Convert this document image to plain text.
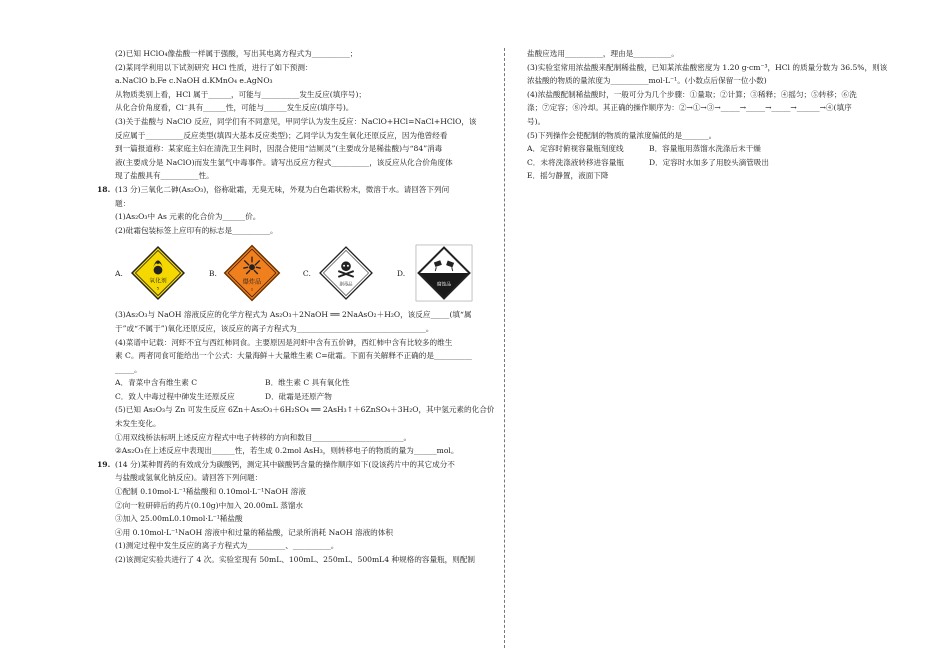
(2)已知 HClO₄像盐酸一样属于强酸，写出其电离方程式为__________；
(2)某同学利用以下试剂研究 HCl 性质，进行了如下预测：
a.NaClO b.Fe c.NaOH d.KMnO₄ e.AgNO₃
从物质类别上看，HCl 属于______，可能与__________发生反应(填序号)；
从化合价角度看，Cl⁻具有______性，可能与______发生反应(填序号)。
(3)关于盐酸与 NaClO 反应，同学们有不同意见，甲同学认为发生反应：NaClO+HCl=NaCl+HClO，该
反应属于__________反应类型(填四大基本反应类型)；乙同学认为发生氧化还原反应，因为他曾经看
到一篇报道称：某家庭主妇在清洗卫生间时，因混合使用“洁厕灵”(主要成分是稀盐酸)与“84”消毒
液(主要成分是 NaClO)而发生氯气中毒事件。请写出反应方程式__________，该反应从化合价角度体
现了盐酸具有__________性。
18. (13 分)三氧化二砷(As₂O₃)，俗称砒霜，无臭无味，外观为白色霜状粉末，微溶于水。请回答下列问
题：
(1)As₂O₃中 As 元素的化合价为______价。
(2)砒霜包装标签上应印有的标志是__________。
A.
氧化剂
5
B.
爆炸品
1
C.
剧毒品
D.
腐蚀品
(3)As₂O₃与 NaOH 溶液反应的化学方程式为 As₂O₃＋2NaOH ══ 2NaAsO₂＋H₂O，该反应_____(填“属
于”或“不属于”)氧化还原反应，该反应的离子方程式为__________________________________。
(4)菜谱中记载：河虾不宜与西红柿同食。主要原因是河虾中含有五价砷，西红柿中含有比较多的维生
素 C。两者同食可能给出一个公式：大量海鲜＋大量维生素 C=砒霜。下面有关解释不正确的是__________
_____。
A．青菜中含有维生素 C	B．维生素 C 具有氧化性
C．致人中毒过程中砷发生还原反应	D．砒霜是还原产物
(5)已知 As₂O₃与 Zn 可发生反应 6Zn＋As₂O₃＋6H₂SO₄ ══ 2AsH₃↑＋6ZnSO₄＋3H₂O，其中氢元素的化合价
未发生变化。
①用双线桥法标明上述反应方程式中电子转移的方向和数目________________________。
②As₂O₃在上述反应中表现出______性，若生成 0.2mol AsH₃，则转移电子的物质的量为______mol。
19. (14 分)某种胃药的有效成分为碳酸钙，测定其中碳酸钙含量的操作顺序如下(设该药片中的其它成分不
与盐酸或氢氧化钠反应)。请回答下列问题：
①配制 0.10mol·L⁻¹稀盐酸和 0.10mol·L⁻¹NaOH 溶液
②向一粒研碎后的药片(0.10g)中加入 20.00mL 蒸馏水
③加入 25.00mL0.10mol·L⁻¹稀盐酸
④用 0.10mol·L⁻¹NaOH 溶液中和过量的稀盐酸，记录所消耗 NaOH 溶液的体积
(1)测定过程中发生反应的离子方程式为__________、__________。
(2)该测定实验共进行了 4 次。实验室现有 50mL、100mL、250mL、500mL4 种规格的容量瓶，则配制
盐酸应选用__________，理由是__________。
(3)实验室常用浓盐酸来配制稀盐酸，已知某浓盐酸密度为 1.20 g·cm⁻³，HCl 的质量分数为 36.5%，则该
浓盐酸的物质的量浓度为__________mol·L⁻¹。(小数点后保留一位小数)
(4)浓盐酸配制稀盐酸时，一般可分为几个步骤：①量取；②计算；③稀释；④摇匀；⑤转移；⑥洗
涤；⑦定容；⑧冷却。其正确的操作顺序为：②→①→③→_____→_____→_____→______→④(填序
号)。
(5)下列操作会使配制的物质的量浓度偏低的是_______。
A．定容时俯视容量瓶刻度线	B．容量瓶用蒸馏水洗涤后未干燥
C．未将洗涤液转移进容量瓶	D．定容时水加多了用胶头滴管吸出
E．摇匀静置，液面下降
